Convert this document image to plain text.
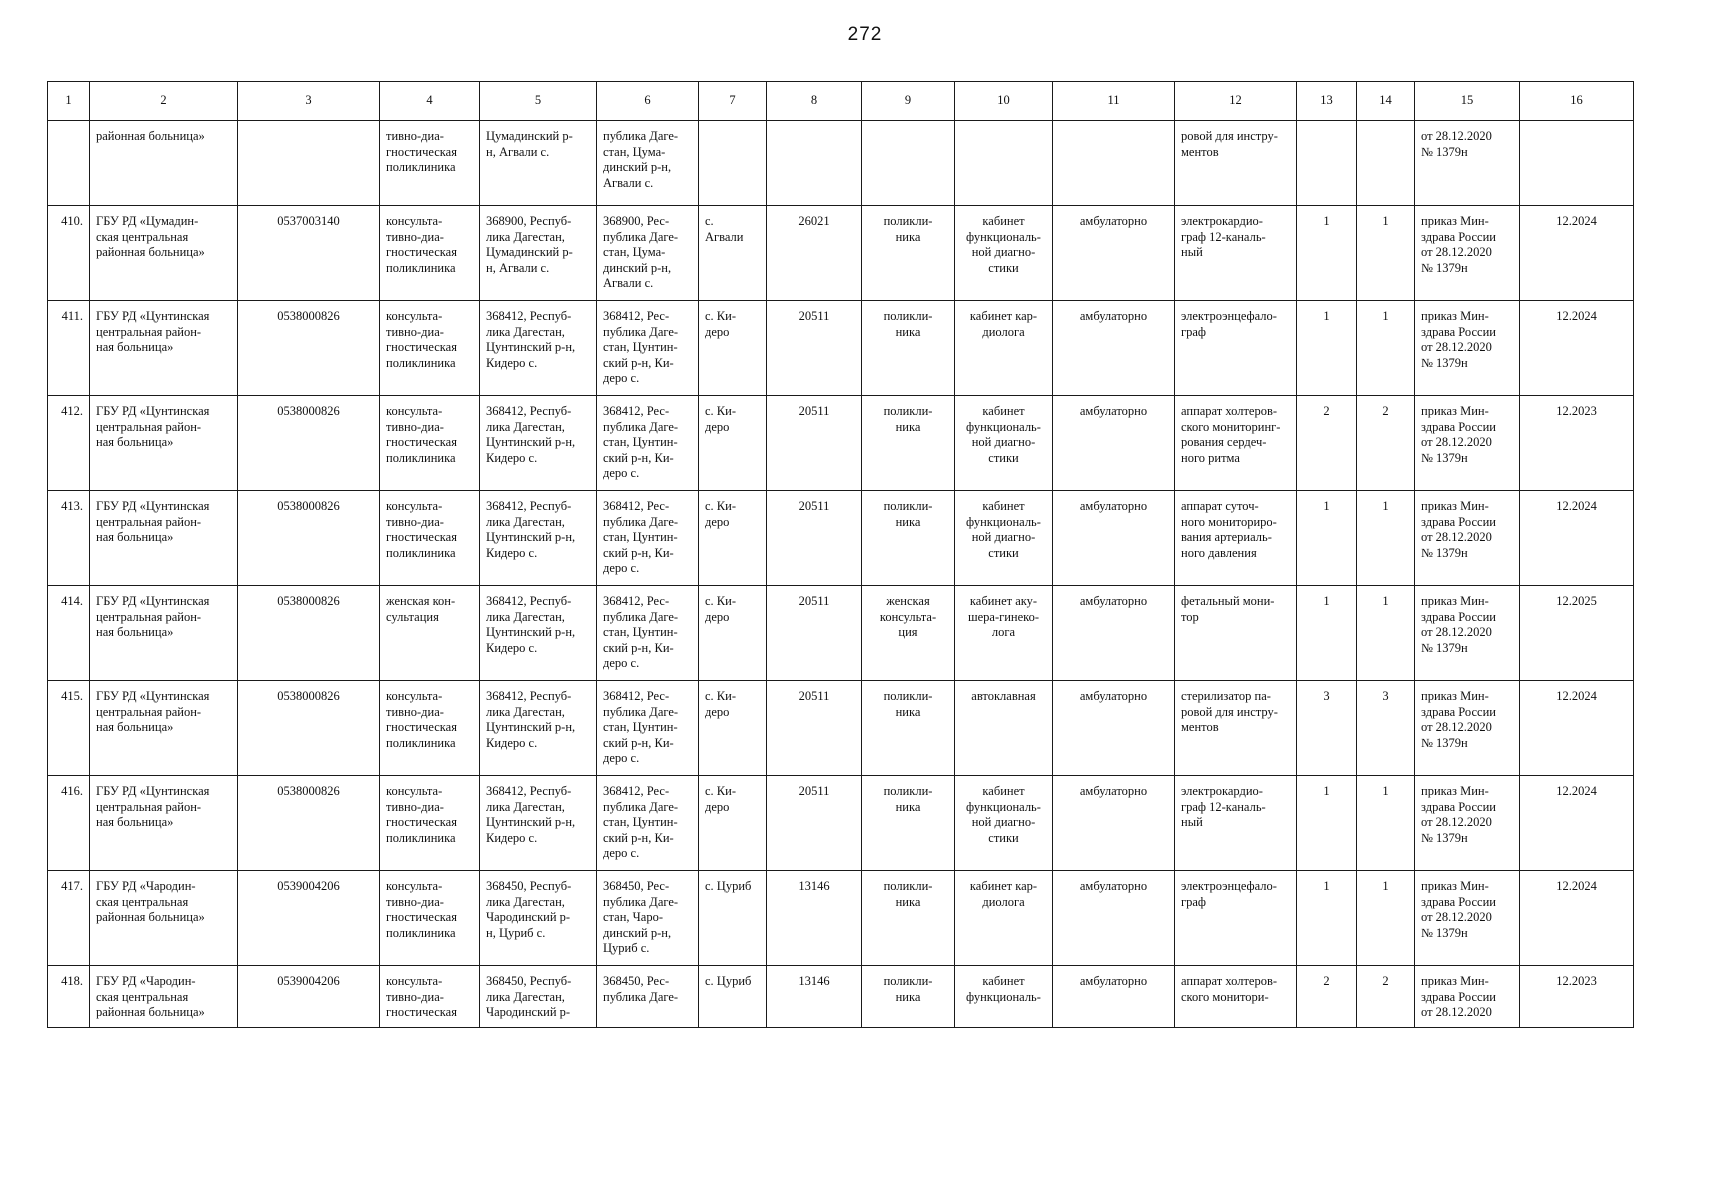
272
1	2	3	4	5	6	7	8	9	10	11	12	13	14	15	16
	районная больница»		тивно-диа-
гностическая
поликлиника	Цумадинский р-
н, Агвали с.	публика Даге-
стан, Цума-
динский р-н,
Агвали с.						ровой для инстру-
ментов			от 28.12.2020
№ 1379н	
410.	ГБУ РД «Цумадин-
ская центральная
районная больница»	0537003140	консульта-
тивно-диа-
гностическая
поликлиника	368900, Респуб-
лика Дагестан,
Цумадинский р-
н, Агвали с.	368900, Рес-
публика Даге-
стан, Цума-
динский р-н,
Агвали с.	с.
Агвали	26021	поликли-
ника	кабинет
функциональ-
ной диагно-
стики	амбулаторно	электрокардио-
граф 12-каналь-
ный	1	1	приказ Мин-
здрава России
от 28.12.2020
№ 1379н	12.2024
411.	ГБУ РД «Цунтинская
центральная район-
ная больница»	0538000826	консульта-
тивно-диа-
гностическая
поликлиника	368412, Респуб-
лика Дагестан,
Цунтинский р-н,
Кидеро с.	368412, Рес-
публика Даге-
стан, Цунтин-
ский р-н, Ки-
деро с.	с. Ки-
деро	20511	поликли-
ника	кабинет кар-
диолога	амбулаторно	электроэнцефало-
граф	1	1	приказ Мин-
здрава России
от 28.12.2020
№ 1379н	12.2024
412.	ГБУ РД «Цунтинская
центральная район-
ная больница»	0538000826	консульта-
тивно-диа-
гностическая
поликлиника	368412, Респуб-
лика Дагестан,
Цунтинский р-н,
Кидеро с.	368412, Рес-
публика Даге-
стан, Цунтин-
ский р-н, Ки-
деро с.	с. Ки-
деро	20511	поликли-
ника	кабинет
функциональ-
ной диагно-
стики	амбулаторно	аппарат холтеров-
ского мониторинг-
рования сердеч-
ного ритма	2	2	приказ Мин-
здрава России
от 28.12.2020
№ 1379н	12.2023
413.	ГБУ РД «Цунтинская
центральная район-
ная больница»	0538000826	консульта-
тивно-диа-
гностическая
поликлиника	368412, Респуб-
лика Дагестан,
Цунтинский р-н,
Кидеро с.	368412, Рес-
публика Даге-
стан, Цунтин-
ский р-н, Ки-
деро с.	с. Ки-
деро	20511	поликли-
ника	кабинет
функциональ-
ной диагно-
стики	амбулаторно	аппарат суточ-
ного мониториро-
вания артериаль-
ного давления	1	1	приказ Мин-
здрава России
от 28.12.2020
№ 1379н	12.2024
414.	ГБУ РД «Цунтинская
центральная район-
ная больница»	0538000826	женская кон-
сультация	368412, Респуб-
лика Дагестан,
Цунтинский р-н,
Кидеро с.	368412, Рес-
публика Даге-
стан, Цунтин-
ский р-н, Ки-
деро с.	с. Ки-
деро	20511	женская
консульта-
ция	кабинет аку-
шера-гинеко-
лога	амбулаторно	фетальный мони-
тор	1	1	приказ Мин-
здрава России
от 28.12.2020
№ 1379н	12.2025
415.	ГБУ РД «Цунтинская
центральная район-
ная больница»	0538000826	консульта-
тивно-диа-
гностическая
поликлиника	368412, Респуб-
лика Дагестан,
Цунтинский р-н,
Кидеро с.	368412, Рес-
публика Даге-
стан, Цунтин-
ский р-н, Ки-
деро с.	с. Ки-
деро	20511	поликли-
ника	автоклавная	амбулаторно	стерилизатор па-
ровой для инстру-
ментов	3	3	приказ Мин-
здрава России
от 28.12.2020
№ 1379н	12.2024
416.	ГБУ РД «Цунтинская
центральная район-
ная больница»	0538000826	консульта-
тивно-диа-
гностическая
поликлиника	368412, Респуб-
лика Дагестан,
Цунтинский р-н,
Кидеро с.	368412, Рес-
публика Даге-
стан, Цунтин-
ский р-н, Ки-
деро с.	с. Ки-
деро	20511	поликли-
ника	кабинет
функциональ-
ной диагно-
стики	амбулаторно	электрокардио-
граф 12-каналь-
ный	1	1	приказ Мин-
здрава России
от 28.12.2020
№ 1379н	12.2024
417.	ГБУ РД «Чародин-
ская центральная
районная больница»	0539004206	консульта-
тивно-диа-
гностическая
поликлиника	368450, Респуб-
лика Дагестан,
Чародинский р-
н, Цуриб с.	368450, Рес-
публика Даге-
стан, Чаро-
динский р-н,
Цуриб с.	с. Цуриб	13146	поликли-
ника	кабинет кар-
диолога	амбулаторно	электроэнцефало-
граф	1	1	приказ Мин-
здрава России
от 28.12.2020
№ 1379н	12.2024
418.	ГБУ РД «Чародин-
ская центральная
районная больница»	0539004206	консульта-
тивно-диа-
гностическая	368450, Респуб-
лика Дагестан,
Чародинский р-	368450, Рес-
публика Даге-	с. Цуриб	13146	поликли-
ника	кабинет
функциональ-	амбулаторно	аппарат холтеров-
ского монитори-	2	2	приказ Мин-
здрава России
от 28.12.2020	12.2023
